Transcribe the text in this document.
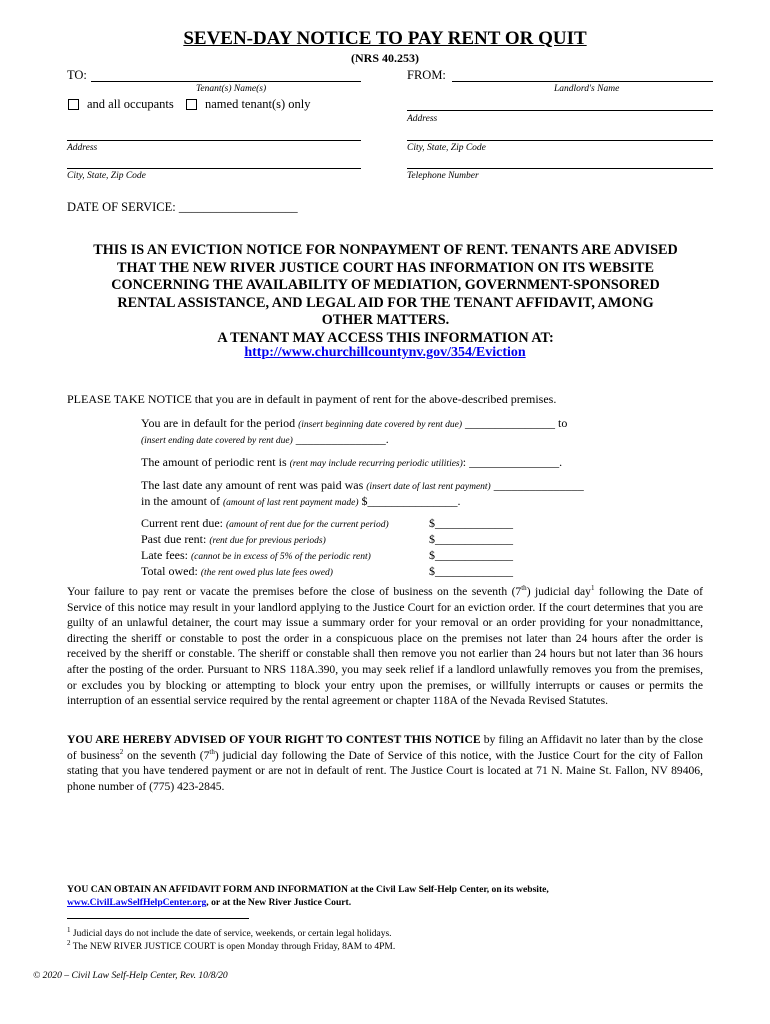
SEVEN-DAY NOTICE TO PAY RENT OR QUIT
(NRS 40.253)
TO:
Tenant(s) Name(s)
and all occupants named tenant(s) only
Address
City, State, Zip Code
FROM:
Landlord's Name
Address
City, State, Zip Code
Telephone Number
DATE OF SERVICE: ___________________
THIS IS AN EVICTION NOTICE FOR NONPAYMENT OF RENT. TENANTS ARE ADVISED
THAT THE NEW RIVER JUSTICE COURT HAS INFORMATION ON ITS WEBSITE
CONCERNING THE AVAILABILITY OF MEDIATION, GOVERNMENT-SPONSORED
RENTAL ASSISTANCE, AND LEGAL AID FOR THE TENANT AFFIDAVIT, AMONG
OTHER MATTERS.
A TENANT MAY ACCESS THIS INFORMATION AT:
http://www.churchillcountynv.gov/354/Eviction
PLEASE TAKE NOTICE that you are in default in payment of rent for the above-described premises.
You are in default for the period (insert beginning date covered by rent due) _______________ to
(insert ending date covered by rent due) _______________.
The amount of periodic rent is (rent may include recurring periodic utilities): _______________.
The last date any amount of rent was paid was (insert date of last rent payment) _______________
in the amount of (amount of last rent payment made) $_______________.
Current rent due: (amount of rent due for the current period)	$_____________
Past due rent: (rent due for previous periods)	$_____________
Late fees: (cannot be in excess of 5% of the periodic rent)	$_____________
Total owed: (the rent owed plus late fees owed)	$_____________
Your failure to pay rent or vacate the premises before the close of business on the seventh (7th) judicial day$^1$ following the Date of Service of this notice may result in your landlord applying to the Justice Court for an eviction order. If the court determines that you are guilty of an unlawful detainer, the court may issue a summary order for your removal or an order providing for your nonadmittance, directing the sheriff or constable to post the order in a conspicuous place on the premises not later than 24 hours after the order is received by the sheriff or constable. The sheriff or constable shall then remove you not earlier than 24 hours but not later than 36 hours after the posting of the order. Pursuant to NRS 118A.390, you may seek relief if a landlord unlawfully removes you from the premises, or excludes you by blocking or attempting to block your entry upon the premises, or willfully interrupts or causes or permits the interruption of an essential service required by the rental agreement or chapter 118A of the Nevada Revised Statutes.
YOU ARE HEREBY ADVISED OF YOUR RIGHT TO CONTEST THIS NOTICE by filing an Affidavit no later than by the close of business$^2$ on the seventh (7th) judicial day following the Date of Service of this notice, with the Justice Court for the city of Fallon stating that you have tendered payment or are not in default of rent. The Justice Court is located at 71 N. Maine St. Fallon, NV 89406, phone number of (775) 423-2845.
YOU CAN OBTAIN AN AFFIDAVIT FORM AND INFORMATION at the Civil Law Self-Help Center, on its website,
www.CivilLawSelfHelpCenter.org, or at the New River Justice Court.
$^1$ Judicial days do not include the date of service, weekends, or certain legal holidays.
$^2$ The NEW RIVER JUSTICE COURT is open Monday through Friday, 8AM to 4PM.
© 2020 – Civil Law Self-Help Center, Rev. 10/8/20
